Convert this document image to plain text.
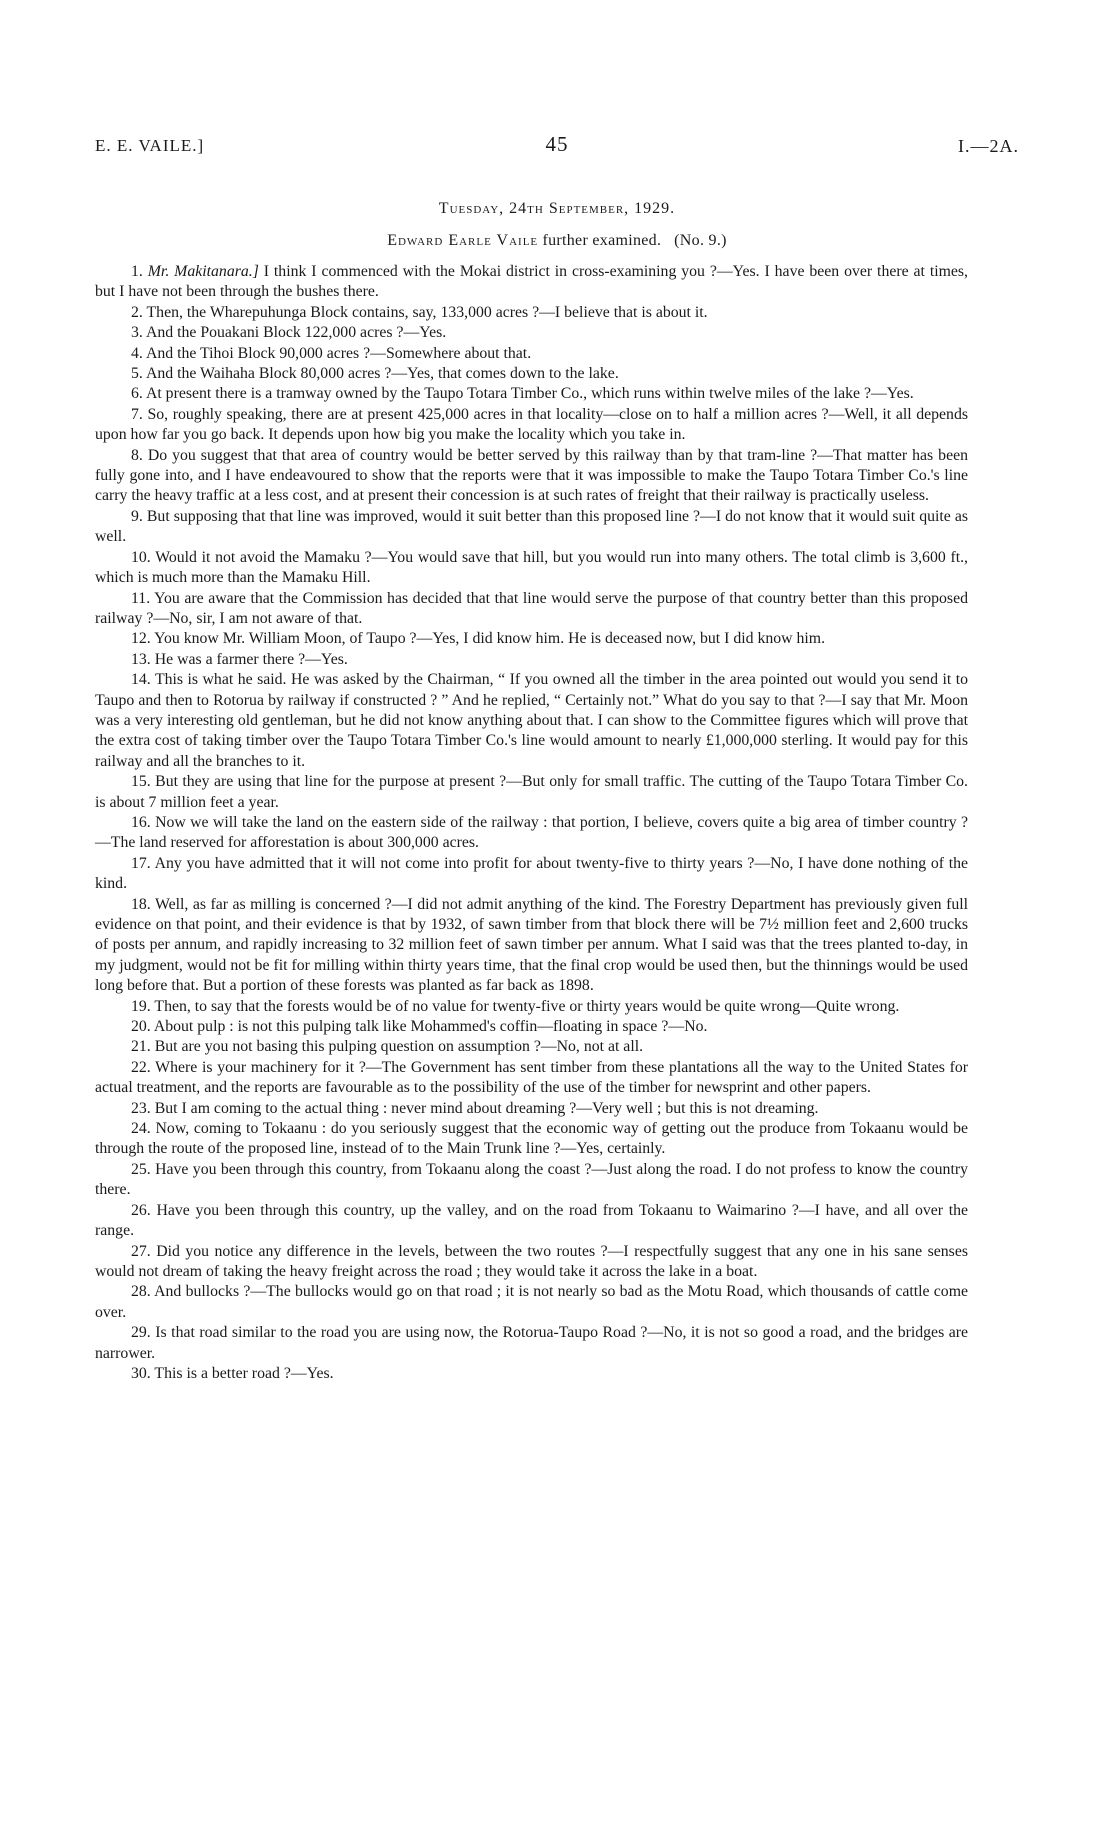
E. E. VAILE.]	45	I.—2A.
Tuesday, 24th September, 1929.
Edward Earle Vaile further examined.   (No. 9.)

1. Mr. Makitanara.] I think I commenced with the Mokai district in cross-examining you ?—Yes. I have been over there at times, but I have not been through the bushes there.

2. Then, the Wharepuhunga Block contains, say, 133,000 acres ?—I believe that is about it.

3. And the Pouakani Block 122,000 acres ?—Yes.

4. And the Tihoi Block 90,000 acres ?—Somewhere about that.

5. And the Waihaha Block 80,000 acres ?—Yes, that comes down to the lake.

6. At present there is a tramway owned by the Taupo Totara Timber Co., which runs within twelve miles of the lake ?—Yes.

7. So, roughly speaking, there are at present 425,000 acres in that locality—close on to half a million acres ?—Well, it all depends upon how far you go back. It depends upon how big you make the locality which you take in.

8. Do you suggest that that area of country would be better served by this railway than by that tram-line ?—That matter has been fully gone into, and I have endeavoured to show that the reports were that it was impossible to make the Taupo Totara Timber Co.'s line carry the heavy traffic at a less cost, and at present their concession is at such rates of freight that their railway is practically useless.

9. But supposing that that line was improved, would it suit better than this proposed line ?—I do not know that it would suit quite as well.

10. Would it not avoid the Mamaku ?—You would save that hill, but you would run into many others. The total climb is 3,600 ft., which is much more than the Mamaku Hill.

11. You are aware that the Commission has decided that that line would serve the purpose of that country better than this proposed railway ?—No, sir, I am not aware of that.

12. You know Mr. William Moon, of Taupo ?—Yes, I did know him. He is deceased now, but I did know him.

13. He was a farmer there ?—Yes.

14. This is what he said. He was asked by the Chairman, “ If you owned all the timber in the area pointed out would you send it to Taupo and then to Rotorua by railway if constructed ? ” And he replied, “ Certainly not.” What do you say to that ?—I say that Mr. Moon was a very interesting old gentleman, but he did not know anything about that. I can show to the Committee figures which will prove that the extra cost of taking timber over the Taupo Totara Timber Co.'s line would amount to nearly £1,000,000 sterling. It would pay for this railway and all the branches to it.

15. But they are using that line for the purpose at present ?—But only for small traffic. The cutting of the Taupo Totara Timber Co. is about 7 million feet a year.

16. Now we will take the land on the eastern side of the railway : that portion, I believe, covers quite a big area of timber country ?—The land reserved for afforestation is about 300,000 acres.

17. Any you have admitted that it will not come into profit for about twenty-five to thirty years ?—No, I have done nothing of the kind.

18. Well, as far as milling is concerned ?—I did not admit anything of the kind. The Forestry Department has previously given full evidence on that point, and their evidence is that by 1932, of sawn timber from that block there will be 7½ million feet and 2,600 trucks of posts per annum, and rapidly increasing to 32 million feet of sawn timber per annum. What I said was that the trees planted to-day, in my judgment, would not be fit for milling within thirty years time, that the final crop would be used then, but the thinnings would be used long before that. But a portion of these forests was planted as far back as 1898.

19. Then, to say that the forests would be of no value for twenty-five or thirty years would be quite wrong—Quite wrong.

20. About pulp : is not this pulping talk like Mohammed's coffin—floating in space ?—No.

21. But are you not basing this pulping question on assumption ?—No, not at all.

22. Where is your machinery for it ?—The Government has sent timber from these plantations all the way to the United States for actual treatment, and the reports are favourable as to the possibility of the use of the timber for newsprint and other papers.

23. But I am coming to the actual thing : never mind about dreaming ?—Very well ; but this is not dreaming.

24. Now, coming to Tokaanu : do you seriously suggest that the economic way of getting out the produce from Tokaanu would be through the route of the proposed line, instead of to the Main Trunk line ?—Yes, certainly.

25. Have you been through this country, from Tokaanu along the coast ?—Just along the road. I do not profess to know the country there.

26. Have you been through this country, up the valley, and on the road from Tokaanu to Waimarino ?—I have, and all over the range.

27. Did you notice any difference in the levels, between the two routes ?—I respectfully suggest that any one in his sane senses would not dream of taking the heavy freight across the road ; they would take it across the lake in a boat.

28. And bullocks ?—The bullocks would go on that road ; it is not nearly so bad as the Motu Road, which thousands of cattle come over.

29. Is that road similar to the road you are using now, the Rotorua-Taupo Road ?—No, it is not so good a road, and the bridges are narrower.

30. This is a better road ?—Yes.
